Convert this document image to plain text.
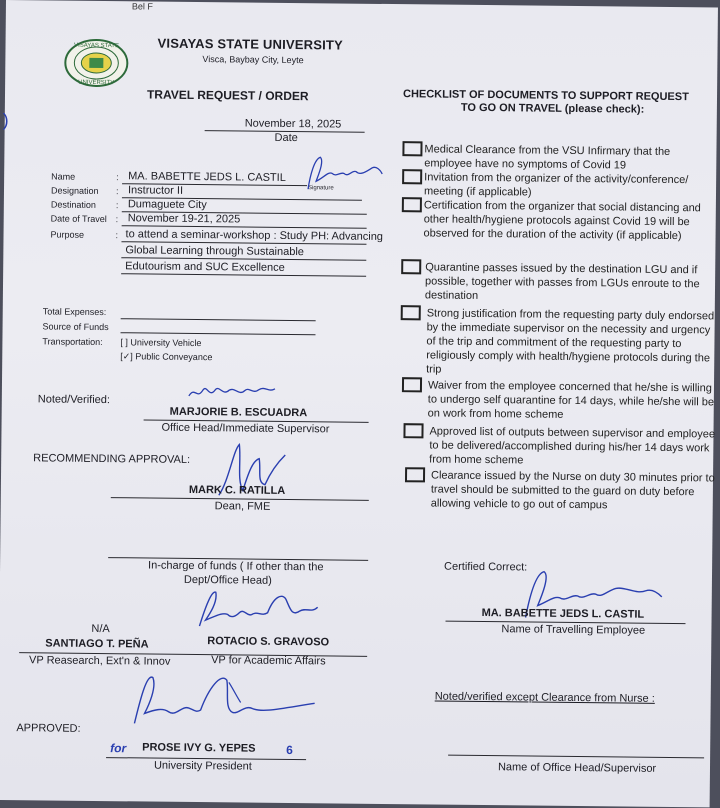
Bel F
VISAYAS STATE
UNIVERSITY
VISAYAS STATE UNIVERSITY
Visca, Baybay City, Leyte
TRAVEL REQUEST / ORDER	CHECKLIST OF DOCUMENTS TO SUPPORT REQUEST
TO GO ON TRAVEL (please check):
November 18, 2025
Date
Name	: MA. BABETTE JEDS L. CASTIL
Signature
Designation : Instructor II
Destination : Dumaguete City
Date of Travel : November 19-21, 2025
Purpose	: to attend a seminar-workshop : Study PH: Advancing
Global Learning through Sustainable
Edutourism and SUC Excellence
Total Expenses:
Source of Funds
Transportation: [ ] University Vehicle
[✓] Public Conveyance
Noted/Verified:
MARJORIE B. ESCUADRA
Office Head/Immediate Supervisor
RECOMMENDING APPROVAL:
MARK C. RATILLA
Dean, FME
In-charge of funds ( If other than the
Dept/Office Head)
N/A
SANTIAGO T. PEÑA	ROTACIO S. GRAVOSO
VP Reasearch, Ext'n & Innov	VP for Academic Affairs
APPROVED:
for PROSE IVY G. YEPES	6
University President
Medical Clearance from the VSU Infirmary that the employee have no symptoms of Covid 19
Invitation from the organizer of the activity/conference/ meeting (if applicable)
Certification from the organizer that social distancing and other health/hygiene protocols against Covid 19 will be observed for the duration of the activity (if applicable)
Quarantine passes issued by the destination LGU and if possible, together with passes from LGUs enroute to the destination
Strong justification from the requesting party duly endorsed by the immediate supervisor on the necessity and urgency of the trip and commitment of the requesting party to religiously comply with health/hygiene protocols during the trip
Waiver from the employee concerned that he/she is willing to undergo self quarantine for 14 days, while he/she will be on work from home scheme
Approved list of outputs between supervisor and employee to be delivered/accomplished during his/her 14 days work from home scheme
Clearance issued by the Nurse on duty 30 minutes prior to travel should be submitted to the guard on duty before allowing vehicle to go out of campus
Certified Correct:
MA. BABETTE JEDS L. CASTIL
Name of Travelling Employee
Noted/verified except Clearance from Nurse :
Name of Office Head/Supervisor
)
